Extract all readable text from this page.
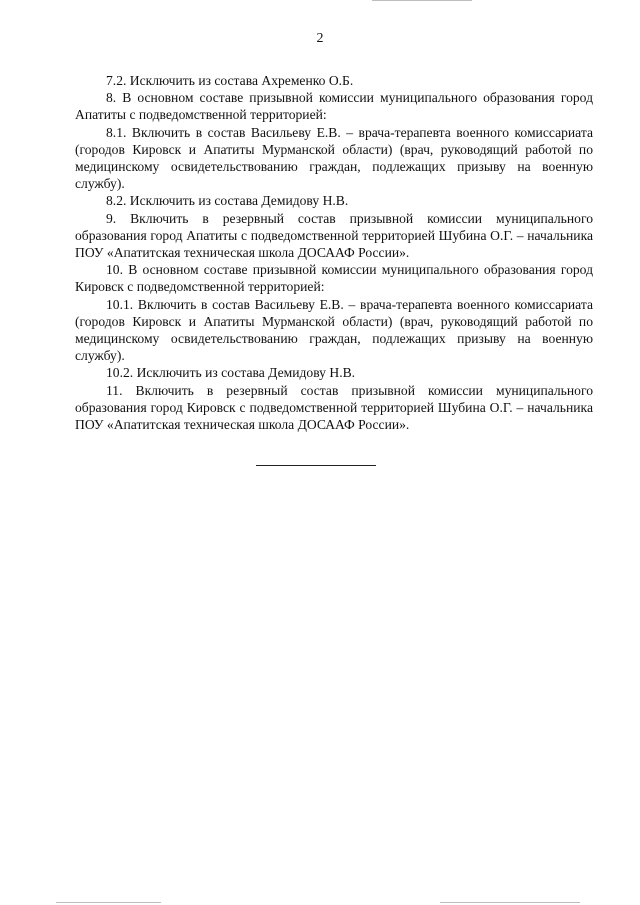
2

7.2. Исключить из состава Ахременко О.Б.

8. В основном составе призывной комиссии муниципального образования город Апатиты с подведомственной территорией:

8.1. Включить в состав Васильеву Е.В. – врача-терапевта военного комиссариата (городов Кировск и Апатиты Мурманской области) (врач, руководящий работой по медицинскому освидетельствованию граждан, подлежащих призыву на военную службу).

8.2. Исключить из состава Демидову Н.В.

9. Включить в резервный состав призывной комиссии муниципального образования город Апатиты с подведомственной территорией Шубина О.Г. – начальника ПОУ «Апатитская техническая школа ДОСААФ России».

10. В основном составе призывной комиссии муниципального образования город Кировск с подведомственной территорией:

10.1. Включить в состав Васильеву Е.В. – врача-терапевта военного комиссариата (городов Кировск и Апатиты Мурманской области) (врач, руководящий работой по медицинскому освидетельствованию граждан, подлежащих призыву на военную службу).

10.2. Исключить из состава Демидову Н.В.

11. Включить в резервный состав призывной комиссии муниципального образования город Кировск с подведомственной территорией Шубина О.Г. – начальника ПОУ «Апатитская техническая школа ДОСААФ России».
